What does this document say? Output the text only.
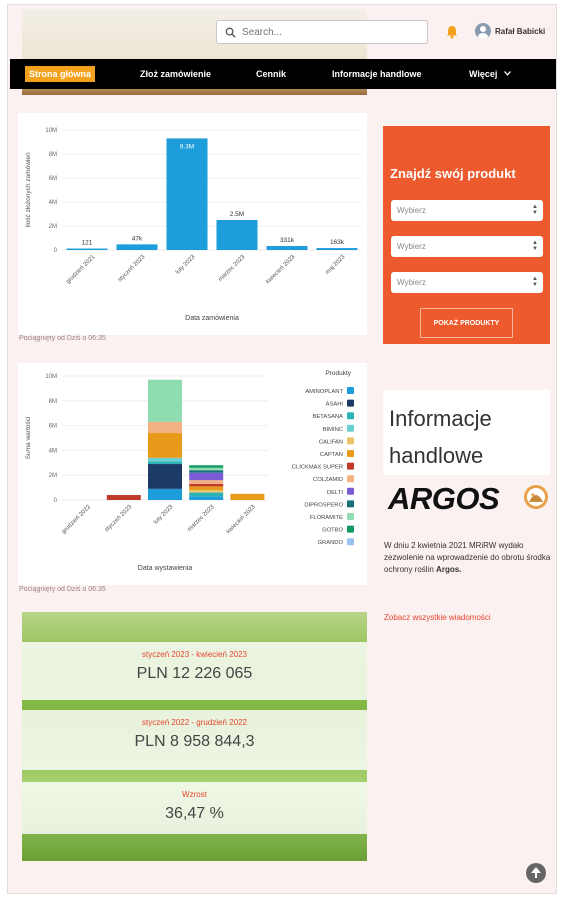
Search...
Rafał Babicki
Strona główna	Złoż zamówienie	Cennik	Informacje handlowe	Więcej
0
2M
4M
6M
8M
10M
Ilość złożonych zamówień
Data zamówienia
121
grudzień 2021
47k
styczeń 2023
9.3M
luty 2023
2.5M
marzec 2023
331k
kwiecień 2023
163k
maj 2023
Pociągnięty od Dziś o 06:35
0
2M
4M
6M
8M
10M
Suma wartości
Data wystawienia
grudzień 2022 styczeń 2023	luty 2023 marzec 2023 kwiecień 2023
Produkty
AMINOPLANT
ASAHI
BETASANA
BIMINC
CALIFAN
CAPTAN
CLICKMAX SUPER
COLZAMID
DELTI
DIPROSPERO
FLORAMITE
GOTBO
GRANDO
Pociągnięty od Dziś o 06:35
styczeń 2023 - kwiecień 2023
PLN 12 226 065
styczeń 2022 - grudzień 2022
PLN 8 958 844,3
Wzrost
36,47 %
Znajdź swój produkt
Wybierz	▲
▼
Wybierz	▲
▼
Wybierz	▲
▼
POKAŻ PRODUKTY
Informacje handlowe
ARGOS
W dniu 2 kwietnia 2021 MRiRW wydało zezwolenie na wprowadzenie do obrotu środka ochrony roślin Argos.
Zobacz wszystkie wiadomości
